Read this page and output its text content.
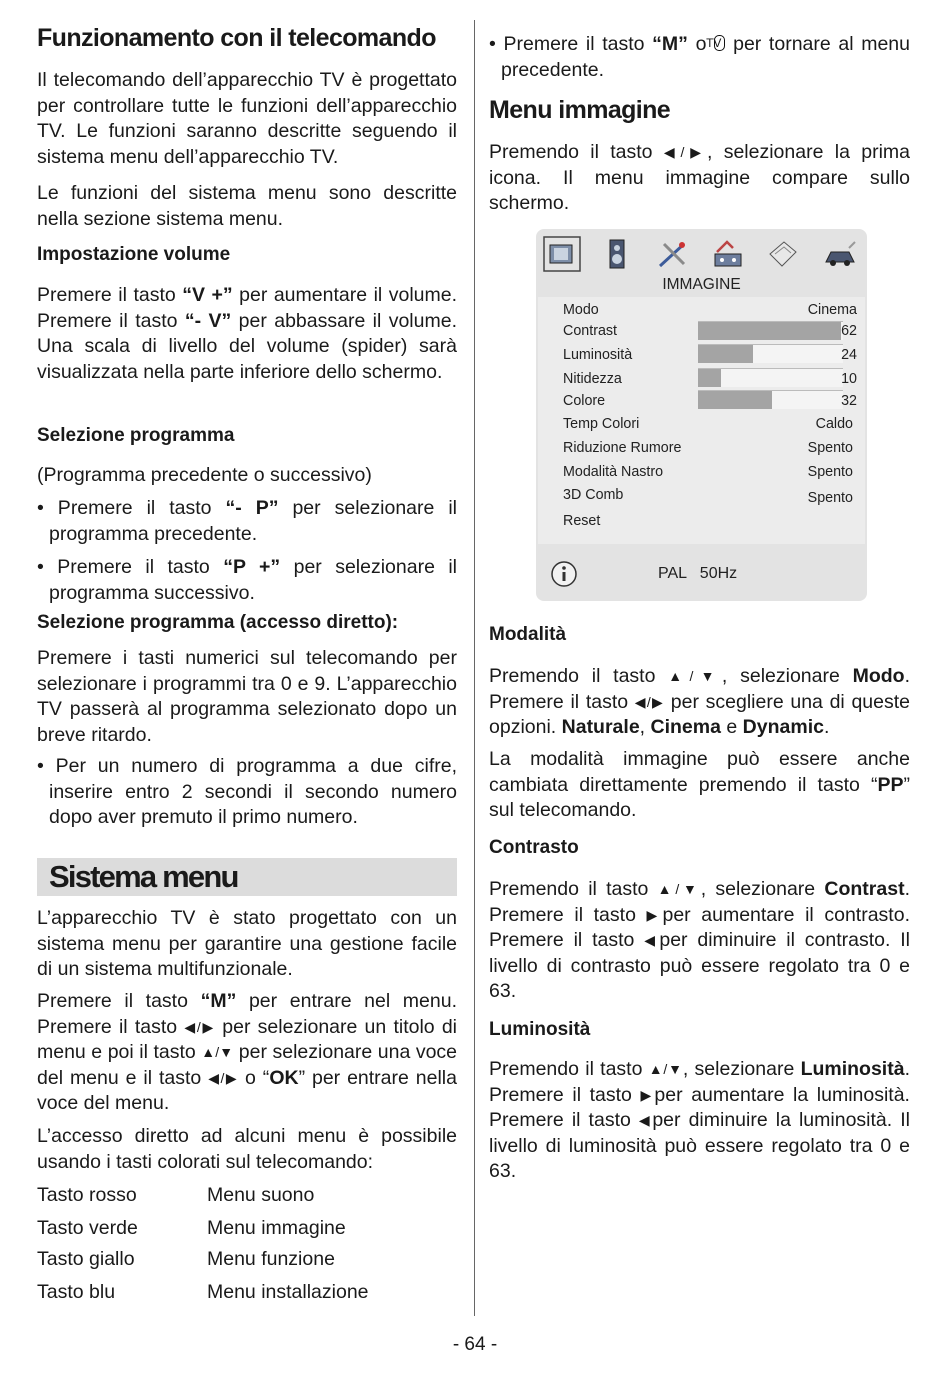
Funzionamento con il telecomando

Il telecomando dell’apparecchio TV è progettato per controllare tutte le funzioni dell’apparecchio TV. Le funzioni saranno descritte seguendo il sistema menu dell’apparecchio TV.

Le funzioni del sistema menu sono descritte nella sezione sistema menu.

Impostazione volume

Premere il tasto “V +” per aumentare il volume. Premere il tasto “- V” per abbassare il volume. Una scala di livello del volume (spider) sarà visualizzata nella parte inferiore dello schermo.

Selezione programma

(Programma precedente o successivo)

• Premere il tasto “- P” per selezionare il programma precedente.

• Premere il tasto “P +” per selezionare il programma successivo.

Selezione programma (accesso diretto):

Premere i tasti numerici sul telecomando per selezionare i programmi tra 0 e 9. L’apparecchio TV passerà al programma selezionato dopo un breve ritardo.

• Per un numero di programma a due cifre, inserire entro 2 secondi il secondo numero dopo aver premuto il primo numero.

Sistema menu

L’apparecchio TV è stato progettato con un sistema menu per garantire una gestione facile di un sistema multifunzionale.

Premere il tasto “M” per entrare nel menu. Premere il tasto ◀/▶ per selezionare un titolo di menu e poi il tasto ▲/▼ per selezionare una voce del menu e il tasto ◀/▶ o “OK” per entrare nella voce del menu.

L’accesso diretto ad alcuni menu è possibile usando i tasti colorati sul telecomando:

Tasto rosso	Menu suono
Tasto verde	Menu immagine
Tasto giallo	Menu funzione
Tasto blu	Menu installazione

• Premere il tasto “M” o TV per tornare al menu precedente.

Menu immagine

Premendo il tasto ◀/▶, selezionare la prima icona. Il menu immagine compare sullo schermo.

Modalità

Premendo il tasto ▲/▼, selezionare Modo. Premere il tasto ◀/▶ per scegliere una di queste opzioni. Naturale, Cinema e Dynamic.

La modalità immagine può essere anche cambiata direttamente premendo il tasto “PP” sul telecomando.

Contrasto

Premendo il tasto ▲/▼, selezionare Contrast. Premere il tasto ▶per aumentare il contrasto. Premere il tasto ◀per diminuire il contrasto. Il livello di contrasto può essere regolato tra 0 e 63.

Luminosità

Premendo il tasto ▲/▼, selezionare Luminosità. Premere il tasto ▶per aumentare la luminosità. Premere il tasto ◀per diminuire la luminosità. Il livello di luminosità può essere regolato tra 0 e 63.

IMMAGINE
Modo	Cinema
Contrast	62
Luminosità	24
Nitidezza	10
Colore	32
Temp Colori	Caldo
Riduzione Rumore	Spento
Modalità Nastro	Spento
3D Comb	Spento
Reset
PAL   50Hz
- 64 -
